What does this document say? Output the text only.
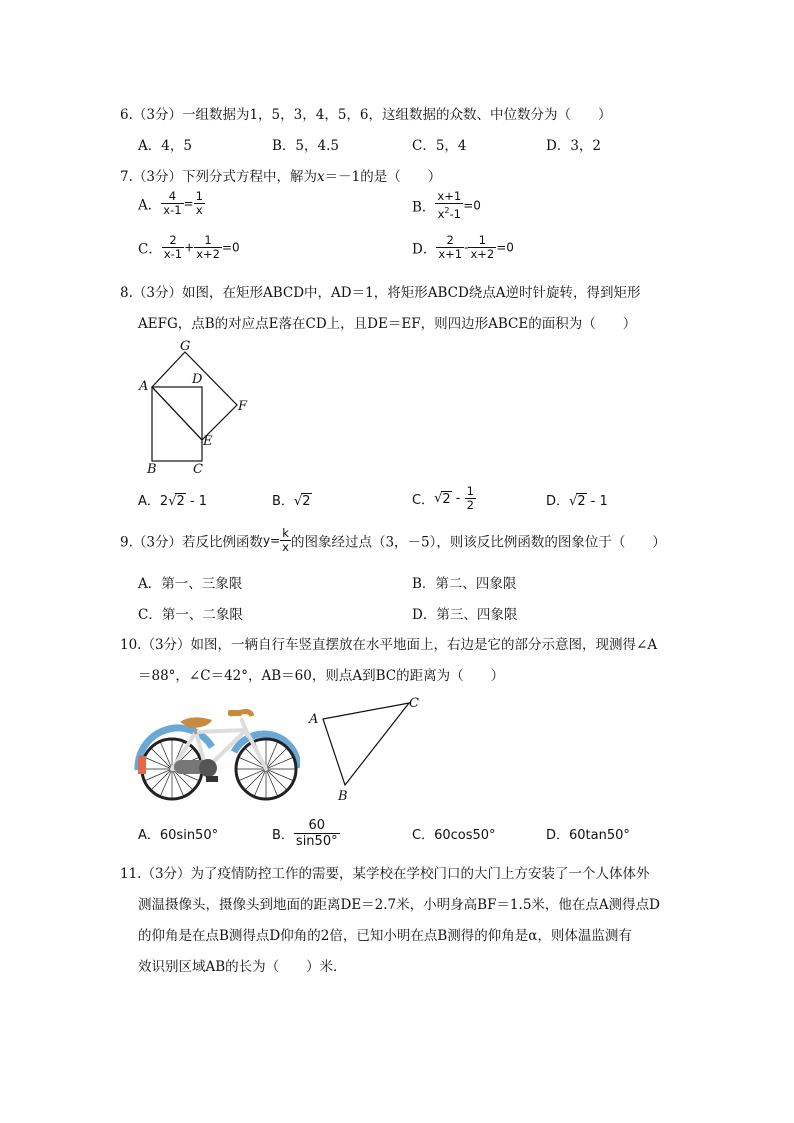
6.（3分）一组数据为1，5，3，4，5，6，这组数据的众数、中位数分为（　　）
A．4，5	B．5，4.5	C．5，4	D．3，2
7.（3分）下列分式方程中，解为x＝－1的是（　　）
A． $\frac{4}{x-1} = \frac{1}{x}$	B． $\frac{x+1}{x^2-1} =0$
C． $\frac{2}{x-1} + \frac{1}{x+2} =0$	D． $\frac{2}{x+1} - \frac{1}{x+2} =0$
8.（3分）如图，在矩形ABCD中，AD＝1，将矩形ABCD绕点A逆时针旋转，得到矩形
AEFG，点B的对应点E落在CD上，且DE＝EF，则四边形ABCE的面积为（　　）
G
A	D
F
E
B	C
A．2√2 - 1	B．√2	C．$√2 - \frac{1}{2}$	D．√2 - 1
9.（3分）若反比例函数$y= \frac{k}{x}$ 的图象经过点（3，－5），则该反比例函数的图象位于（　　）
A．第一、三象限	B．第二、四象限
C．第一、二象限	D．第三、四象限
10.（3分）如图，一辆自行车竖直摆放在水平地面上，右边是它的部分示意图，现测得∠A
＝88°，∠C＝42°，AB＝60，则点A到BC的距离为（　　）
A
C
B
A．60sin50°	B． $\frac{60}{\sin 50^\circ}$	C．60cos50°	D．60tan50°
11.（3分）为了疫情防控工作的需要，某学校在学校门口的大门上方安装了一个人体体外
测温摄像头，摄像头到地面的距离DE＝2.7米，小明身高BF＝1.5米，他在点A测得点D
的仰角是在点B测得点D仰角的2倍，已知小明在点B测得的仰角是α，则体温监测有
效识别区域AB的长为（　　）米．
